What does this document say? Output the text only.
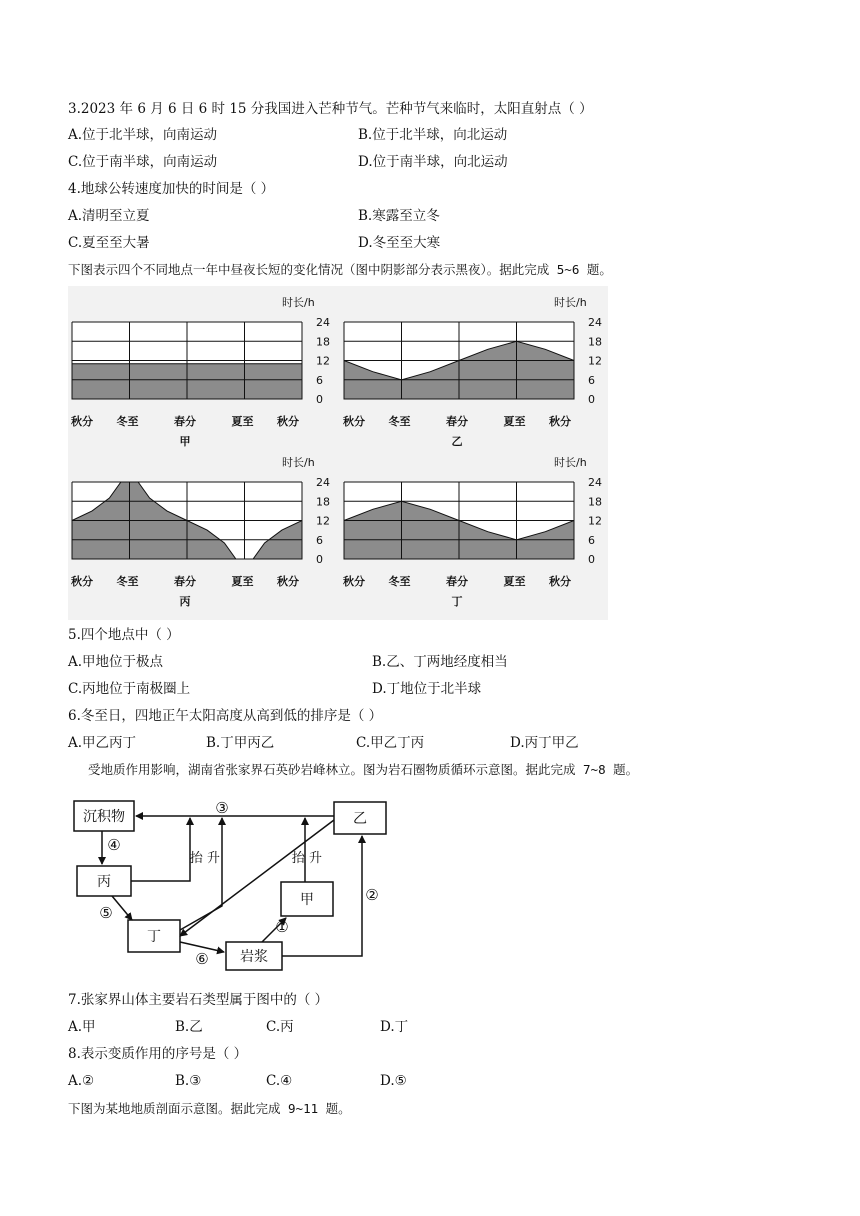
3.2023 年 6 月 6 日 6 时 15 分我国进入芒种节气。芒种节气来临时，太阳直射点（ ）
A.位于北半球，向南运动	B.位于北半球，向北运动
C.位于南半球，向南运动	D.位于南半球，向北运动
4.地球公转速度加快的时间是（ ）
A.清明至立夏	B.寒露至立冬
C.夏至至大暑	D.冬至至大寒
下图表示四个不同地点一年中昼夜长短的变化情况（图中阴影部分表示黑夜）。据此完成 5~6 题。
时长/h
24
18
12
6
0
秋分 冬至	春分	夏至 秋分
甲
时长/h
24
18
12
6
0
秋分 冬至	春分	夏至 秋分
乙
时长/h
24
18
12
6
0
秋分 冬至	春分	夏至 秋分
丙
时长/h
24
18
12
6
0
秋分 冬至	春分	夏至 秋分
丁
5.四个地点中（ ）
A.甲地位于极点	B.乙、丁两地经度相当
C.丙地位于南极圈上	D.丁地位于北半球
6.冬至日，四地正午太阳高度从高到低的排序是（ ）
A.甲乙丙丁	B.丁甲丙乙	C.甲乙丁丙	D.丙丁甲乙
受地质作用影响，湖南省张家界石英砂岩峰林立。图为岩石圈物质循环示意图。据此完成 7~8 题。
沉积物	乙
丙
甲
丁
岩浆
抬 升	抬 升
③
④
⑤
⑥
①
②
7.张家界山体主要岩石类型属于图中的（ ）
A.甲	B.乙	C.丙	D.丁
8.表示变质作用的序号是（ ）
A.②	B.③	C.④	D.⑤
下图为某地地质剖面示意图。据此完成 9~11 题。
